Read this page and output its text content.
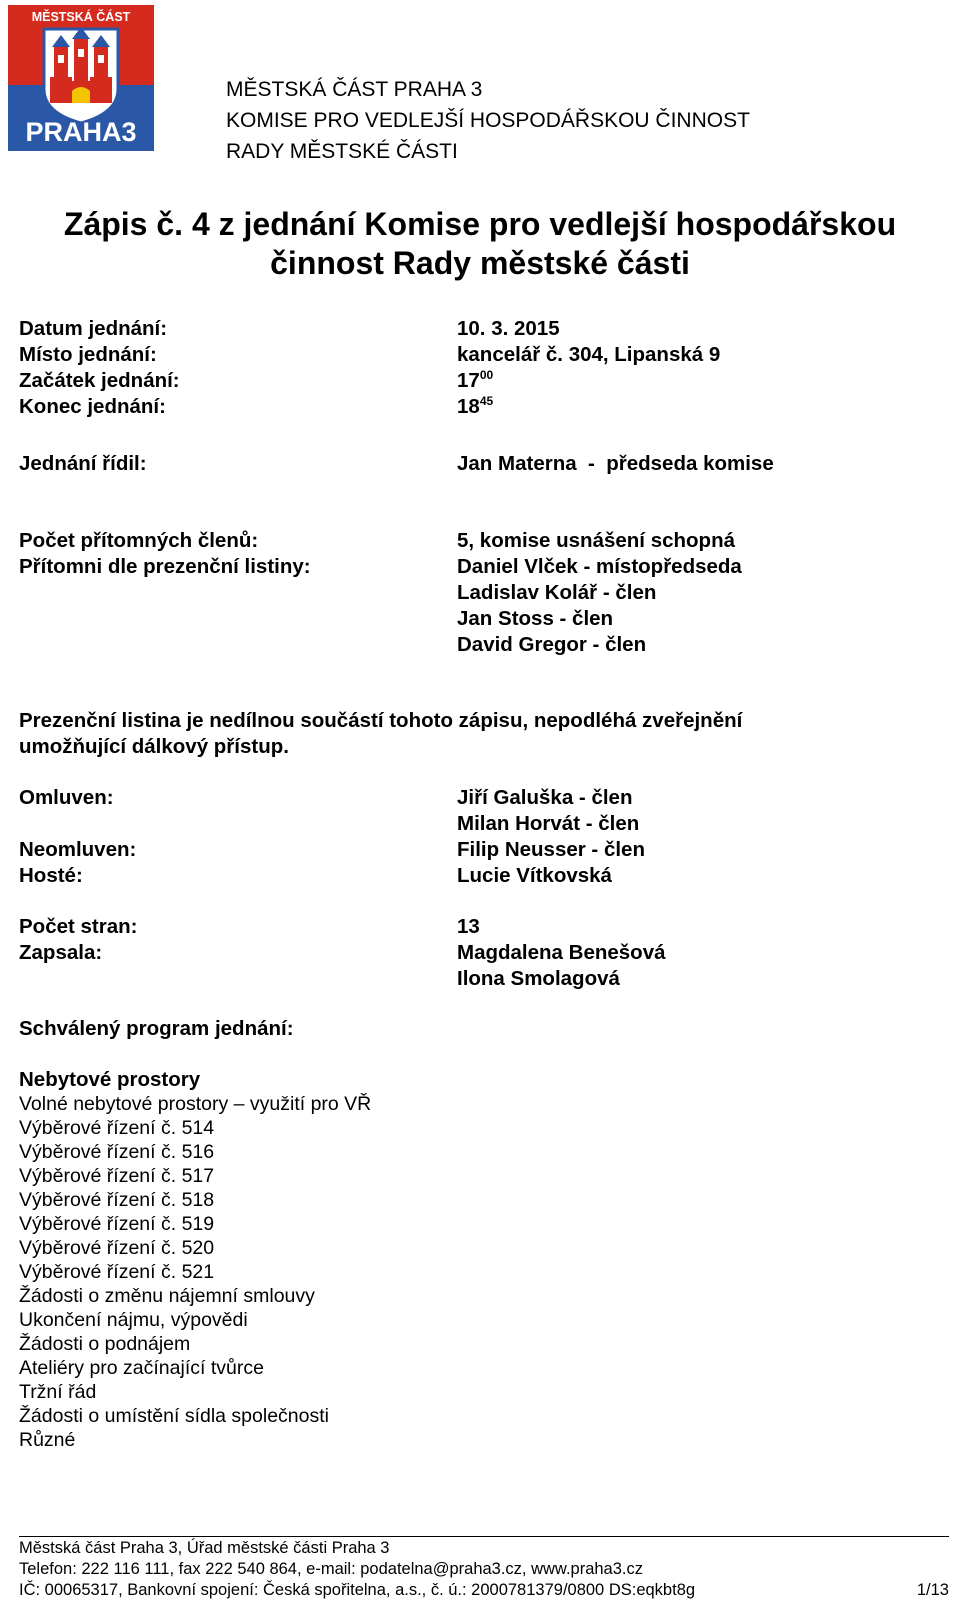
MĚSTSKÁ ČÁST
PRAHA3
MĚSTSKÁ ČÁST PRAHA 3
KOMISE PRO VEDLEJŠÍ HOSPODÁŘSKOU ČINNOST
RADY MĚSTSKÉ ČÁSTI
Zápis č. 4 z jednání Komise pro vedlejší hospodářskou
činnost Rady městské části
Datum jednání:	10. 3. 2015
Místo jednání:	kancelář č. 304, Lipanská 9
Začátek jednání:	$17^{00}$
Konec jednání:	$18^{45}$
Jednání řídil:	Jan Materna  -  předseda komise
Počet přítomných členů:	5, komise usnášení schopná
Přítomni dle prezenční listiny:	Daniel Vlček - místopředseda
Ladislav Kolář - člen
Jan Stoss - člen
David Gregor - člen
Prezenční listina je nedílnou součástí tohoto zápisu, nepodléhá zveřejnění
umožňující dálkový přístup.
Omluven:	Jiří Galuška - člen
Milan Horvát - člen
Neomluven:	Filip Neusser - člen
Hosté:	Lucie Vítkovská
Počet stran:	13
Zapsala:	Magdalena Benešová
Ilona Smolagová
Schválený program jednání:
Nebytové prostory
Volné nebytové prostory – využití pro VŘ
Výběrové řízení č. 514
Výběrové řízení č. 516
Výběrové řízení č. 517
Výběrové řízení č. 518
Výběrové řízení č. 519
Výběrové řízení č. 520
Výběrové řízení č. 521
Žádosti o změnu nájemní smlouvy
Ukončení nájmu, výpovědi
Žádosti o podnájem
Ateliéry pro začínající tvůrce
Tržní řád
Žádosti o umístění sídla společnosti
Různé
Městská část Praha 3, Úřad městské části Praha 3
Telefon: 222 116 111, fax 222 540 864, e-mail: podatelna@praha3.cz, www.praha3.cz
IČ: 00065317, Bankovní spojení: Česká spořitelna, a.s., č. ú.: 2000781379/0800 DS:eqkbt8g	1/13
